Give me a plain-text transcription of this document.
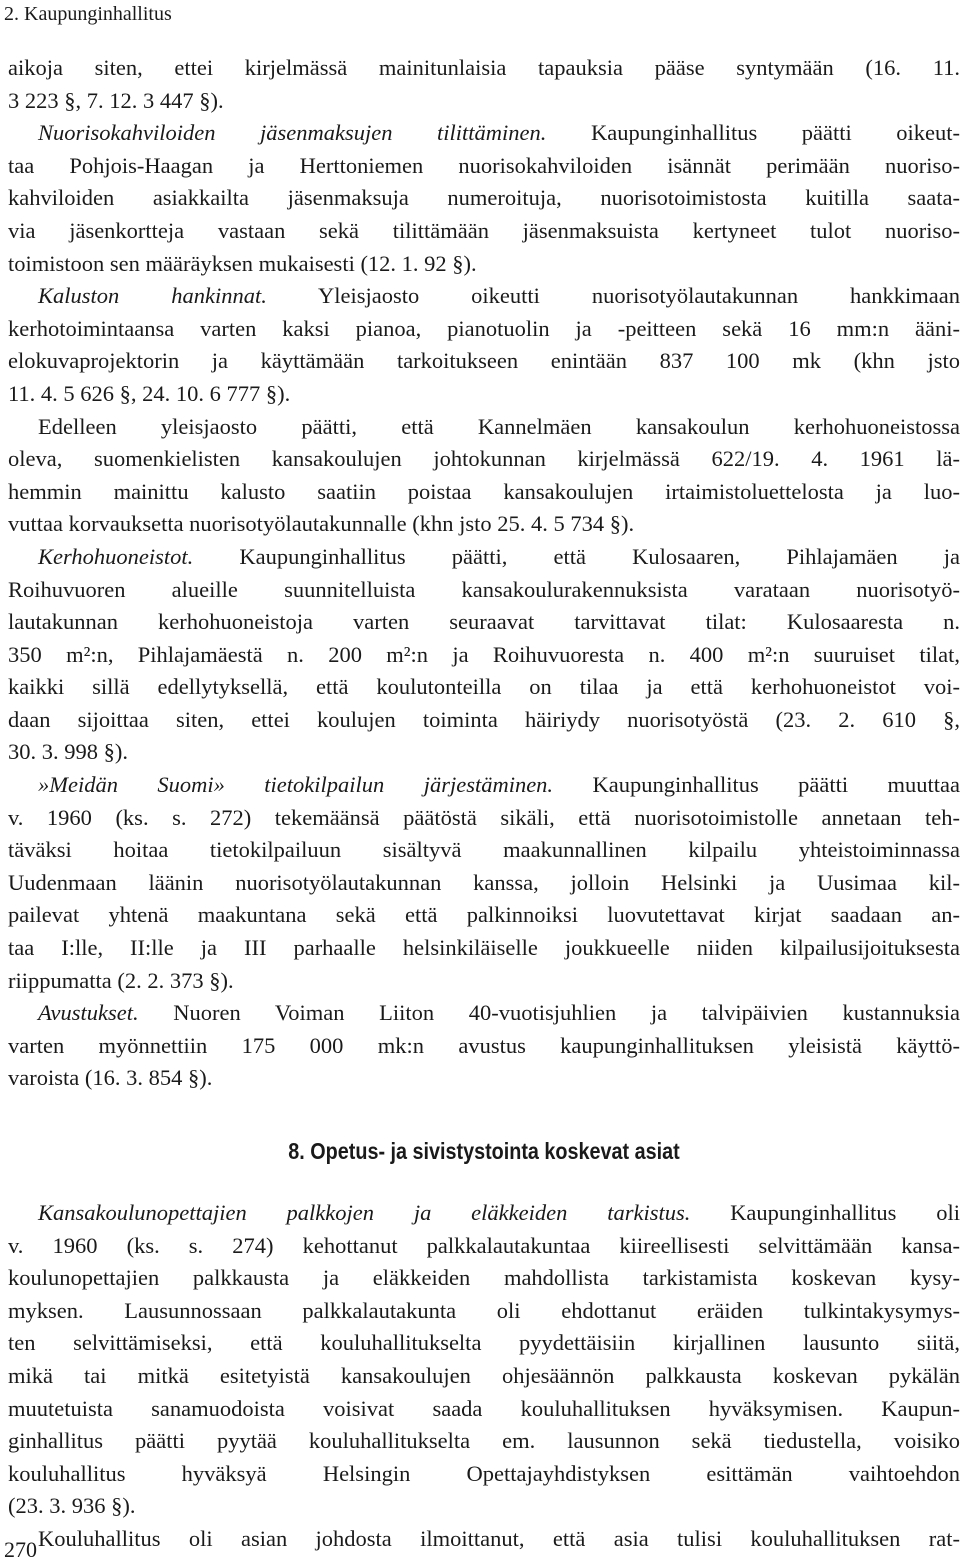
2. Kaupunginhallitus
aikoja siten, ettei kirjelmässä mainitunlaisia tapauksia pääse syntymään (16. 11.
3 223 §, 7. 12. 3 447 §).
Nuorisokahviloiden jäsenmaksujen tilittäminen. Kaupunginhallitus päätti oikeut-
taa Pohjois-Haagan ja Herttoniemen nuorisokahviloiden isännät perimään nuoriso-
kahviloiden asiakkailta jäsenmaksuja numeroituja, nuorisotoimistosta kuitilla saata-
via jäsenkortteja vastaan sekä tilittämään jäsenmaksuista kertyneet tulot nuoriso-
toimistoon sen määräyksen mukaisesti (12. 1. 92 §).
Kaluston hankinnat. Yleisjaosto oikeutti nuorisotyölautakunnan hankkimaan
kerhotoimintaansa varten kaksi pianoa, pianotuolin ja -peitteen sekä 16 mm:n ääni-
elokuvaprojektorin ja käyttämään tarkoitukseen enintään 837 100 mk (khn jsto
11. 4. 5 626 §, 24. 10. 6 777 §).
Edelleen yleisjaosto päätti, että Kannelmäen kansakoulun kerhohuoneistossa
oleva, suomenkielisten kansakoulujen johtokunnan kirjelmässä 622/19. 4. 1961 lä-
hemmin mainittu kalusto saatiin poistaa kansakoulujen irtaimistoluettelosta ja luo-
vuttaa korvauksetta nuorisotyölautakunnalle (khn jsto 25. 4. 5 734 §).
Kerhohuoneistot. Kaupunginhallitus päätti, että Kulosaaren, Pihlajamäen ja
Roihuvuoren alueille suunnitelluista kansakoulurakennuksista varataan nuorisotyö-
lautakunnan kerhohuoneistoja varten seuraavat tarvittavat tilat: Kulosaaresta n.
350 m²:n, Pihlajamäestä n. 200 m²:n ja Roihuvuoresta n. 400 m²:n suuruiset tilat,
kaikki sillä edellytyksellä, että koulutonteilla on tilaa ja että kerhohuoneistot voi-
daan sijoittaa siten, ettei koulujen toiminta häiriydy nuorisotyöstä (23. 2. 610 §,
30. 3. 998 §).
»Meidän Suomi» tietokilpailun järjestäminen. Kaupunginhallitus päätti muuttaa
v. 1960 (ks. s. 272) tekemäänsä päätöstä sikäli, että nuorisotoimistolle annetaan teh-
täväksi hoitaa tietokilpailuun sisältyvä maakunnallinen kilpailu yhteistoiminnassa
Uudenmaan läänin nuorisotyölautakunnan kanssa, jolloin Helsinki ja Uusimaa kil-
pailevat yhtenä maakuntana sekä että palkinnoiksi luovutettavat kirjat saadaan an-
taa I:lle, II:lle ja III parhaalle helsinkiläiselle joukkueelle niiden kilpailusijoituksesta
riippumatta (2. 2. 373 §).
Avustukset. Nuoren Voiman Liiton 40-vuotisjuhlien ja talvipäivien kustannuksia
varten myönnettiin 175 000 mk:n avustus kaupunginhallituksen yleisistä käyttö-
varoista (16. 3. 854 §).
8. Opetus- ja sivistystointa koskevat asiat
Kansakoulunopettajien palkkojen ja eläkkeiden tarkistus. Kaupunginhallitus oli
v. 1960 (ks. s. 274) kehottanut palkkalautakuntaa kiireellisesti selvittämään kansa-
koulunopettajien palkkausta ja eläkkeiden mahdollista tarkistamista koskevan kysy-
myksen. Lausunnossaan palkkalautakunta oli ehdottanut eräiden tulkintakysymys-
ten selvittämiseksi, että kouluhallitukselta pyydettäisiin kirjallinen lausunto siitä,
mikä tai mitkä esitetyistä kansakoulujen ohjesäännön palkkausta koskevan pykälän
muutetuista sanamuodoista voisivat saada kouluhallituksen hyväksymisen. Kaupun-
ginhallitus päätti pyytää kouluhallitukselta em. lausunnon sekä tiedustella, voisiko
kouluhallitus hyväksyä Helsingin Opettajayhdistyksen esittämän vaihtoehdon
(23. 3. 936 §).
Kouluhallitus oli asian johdosta ilmoittanut, että asia tulisi kouluhallituksen rat-
270
